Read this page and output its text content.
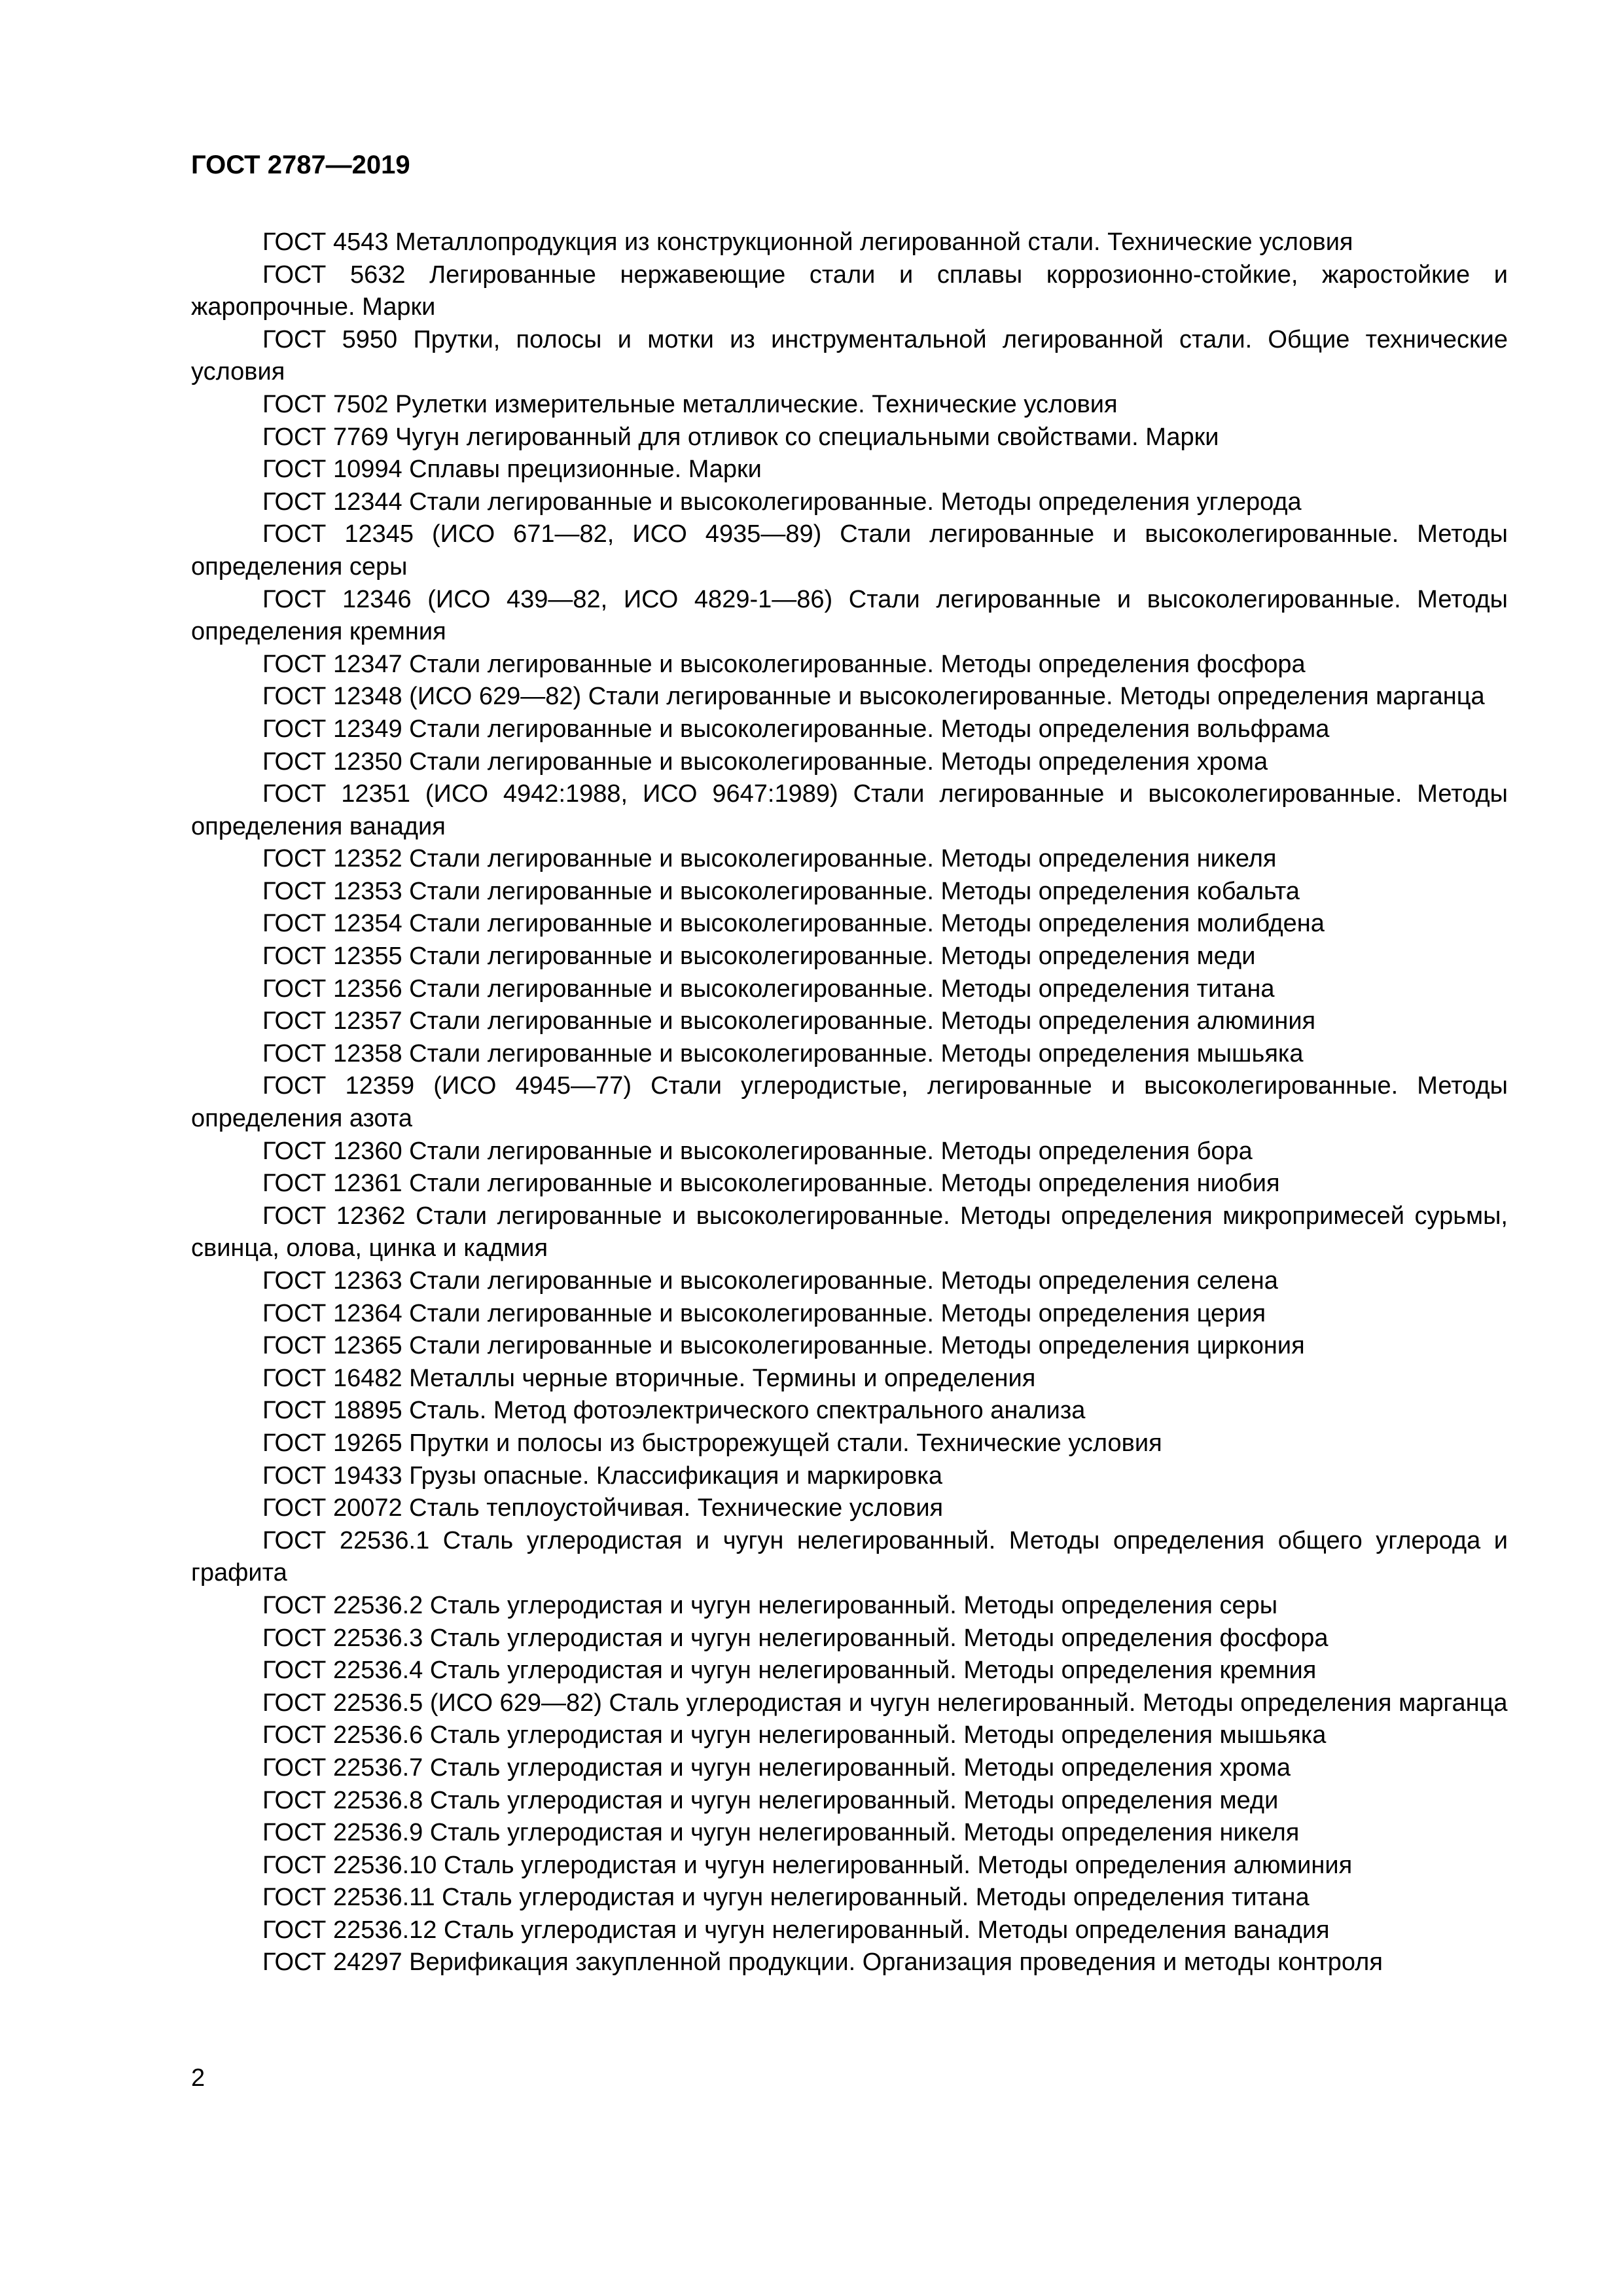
ГОСТ 2787—2019
ГОСТ 4543 Металлопродукция из конструкционной легированной стали. Технические условия
ГОСТ 5632 Легированные нержавеющие стали и сплавы коррозионно-стойкие, жаростойкие и жаропрочные. Марки
ГОСТ 5950 Прутки, полосы и мотки из инструментальной легированной стали. Общие технические условия
ГОСТ 7502 Рулетки измерительные металлические. Технические условия
ГОСТ 7769 Чугун легированный для отливок со специальными свойствами. Марки
ГОСТ 10994 Сплавы прецизионные. Марки
ГОСТ 12344 Стали легированные и высоколегированные. Методы определения углерода
ГОСТ 12345 (ИСО 671—82, ИСО 4935—89) Стали легированные и высоколегированные. Методы определения серы
ГОСТ 12346 (ИСО 439—82, ИСО 4829-1—86) Стали легированные и высоколегированные. Методы определения кремния
ГОСТ 12347 Стали легированные и высоколегированные. Методы определения фосфора
ГОСТ 12348 (ИСО 629—82) Стали легированные и высоколегированные. Методы определения марганца
ГОСТ 12349 Стали легированные и высоколегированные. Методы определения вольфрама
ГОСТ 12350 Стали легированные и высоколегированные. Методы определения хрома
ГОСТ 12351 (ИСО 4942:1988, ИСО 9647:1989) Стали легированные и высоколегированные. Методы определения ванадия
ГОСТ 12352 Стали легированные и высоколегированные. Методы определения никеля
ГОСТ 12353 Стали легированные и высоколегированные. Методы определения кобальта
ГОСТ 12354 Стали легированные и высоколегированные. Методы определения молибдена
ГОСТ 12355 Стали легированные и высоколегированные. Методы определения меди
ГОСТ 12356 Стали легированные и высоколегированные. Методы определения титана
ГОСТ 12357 Стали легированные и высоколегированные. Методы определения алюминия
ГОСТ 12358 Стали легированные и высоколегированные. Методы определения мышьяка
ГОСТ 12359 (ИСО 4945—77) Стали углеродистые, легированные и высоколегированные. Методы определения азота
ГОСТ 12360 Стали легированные и высоколегированные. Методы определения бора
ГОСТ 12361 Стали легированные и высоколегированные. Методы определения ниобия
ГОСТ 12362 Стали легированные и высоколегированные. Методы определения микропримесей сурьмы, свинца, олова, цинка и кадмия
ГОСТ 12363 Стали легированные и высоколегированные. Методы определения селена
ГОСТ 12364 Стали легированные и высоколегированные. Методы определения церия
ГОСТ 12365 Стали легированные и высоколегированные. Методы определения циркония
ГОСТ 16482 Металлы черные вторичные. Термины и определения
ГОСТ 18895 Сталь. Метод фотоэлектрического спектрального анализа
ГОСТ 19265 Прутки и полосы из быстрорежущей стали. Технические условия
ГОСТ 19433 Грузы опасные. Классификация и маркировка
ГОСТ 20072 Сталь теплоустойчивая. Технические условия
ГОСТ 22536.1 Сталь углеродистая и чугун нелегированный. Методы определения общего углерода и графита
ГОСТ 22536.2 Сталь углеродистая и чугун нелегированный. Методы определения серы
ГОСТ 22536.3 Сталь углеродистая и чугун нелегированный. Методы определения фосфора
ГОСТ 22536.4 Сталь углеродистая и чугун нелегированный. Методы определения кремния
ГОСТ 22536.5 (ИСО 629—82) Сталь углеродистая и чугун нелегированный. Методы определения марганца
ГОСТ 22536.6 Сталь углеродистая и чугун нелегированный. Методы определения мышьяка
ГОСТ 22536.7 Сталь углеродистая и чугун нелегированный. Методы определения хрома
ГОСТ 22536.8 Сталь углеродистая и чугун нелегированный. Методы определения меди
ГОСТ 22536.9 Сталь углеродистая и чугун нелегированный. Методы определения никеля
ГОСТ 22536.10 Сталь углеродистая и чугун нелегированный. Методы определения алюминия
ГОСТ 22536.11 Сталь углеродистая и чугун нелегированный. Методы определения титана
ГОСТ 22536.12 Сталь углеродистая и чугун нелегированный. Методы определения ванадия
ГОСТ 24297 Верификация закупленной продукции. Организация проведения и методы контроля
2
